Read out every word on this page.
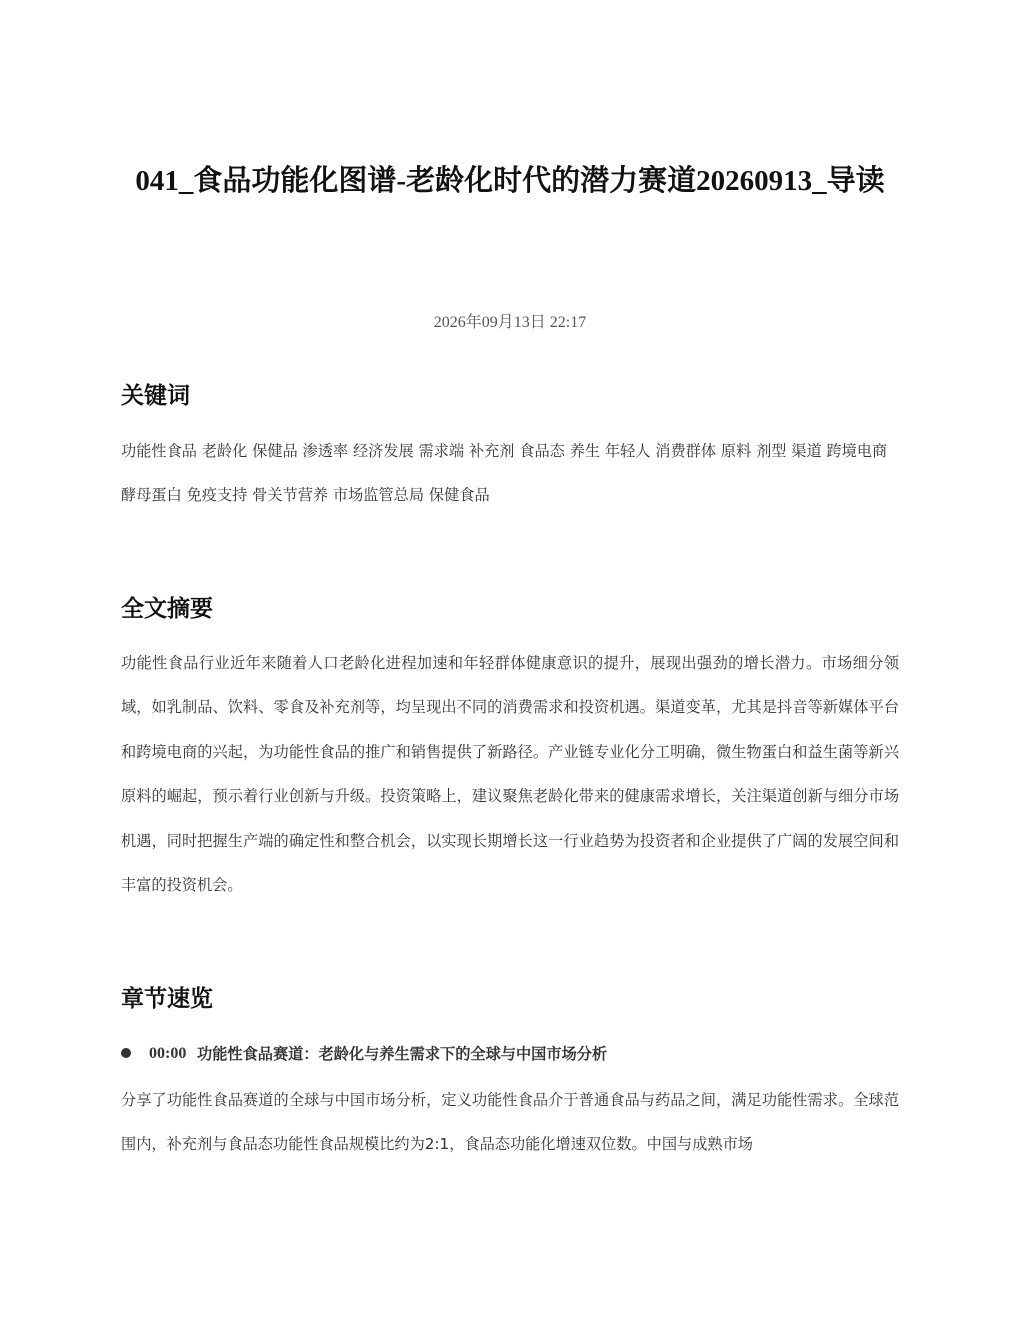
041_食品功能化图谱-老龄化时代的潜力赛道20260913_导读
2026年09月13日 22:17
关键词
功能性食品 老龄化 保健品 渗透率 经济发展 需求端 补充剂 食品态 养生 年轻人 消费群体 原料 剂型 渠道 跨境电商 酵母蛋白 免疫支持 骨关节营养 市场监管总局 保健食品
全文摘要

功能性食品行业近年来随着人口老龄化进程加速和年轻群体健康意识的提升，展现出强劲的增长潜力。市场细分领域，如乳制品、饮料、零食及补充剂等，均呈现出不同的消费需求和投资机遇。渠道变革，尤其是抖音等新媒体平台和跨境电商的兴起，为功能性食品的推广和销售提供了新路径。产业链专业化分工明确，微生物蛋白和益生菌等新兴原料的崛起，预示着行业创新与升级。投资策略上，建议聚焦老龄化带来的健康需求增长，关注渠道创新与细分市场机遇，同时把握生产端的确定性和整合机会，以实现长期增长这一行业趋势为投资者和企业提供了广阔的发展空间和丰富的投资机会。

章节速览
00:00 功能性食品赛道：老龄化与养生需求下的全球与中国市场分析

分享了功能性食品赛道的全球与中国市场分析，定义功能性食品介于普通食品与药品之间，满足功能性需求。全球范围内，补充剂与食品态功能性食品规模比约为2:1，食品态功能化增速双位数。中国与成熟市场
